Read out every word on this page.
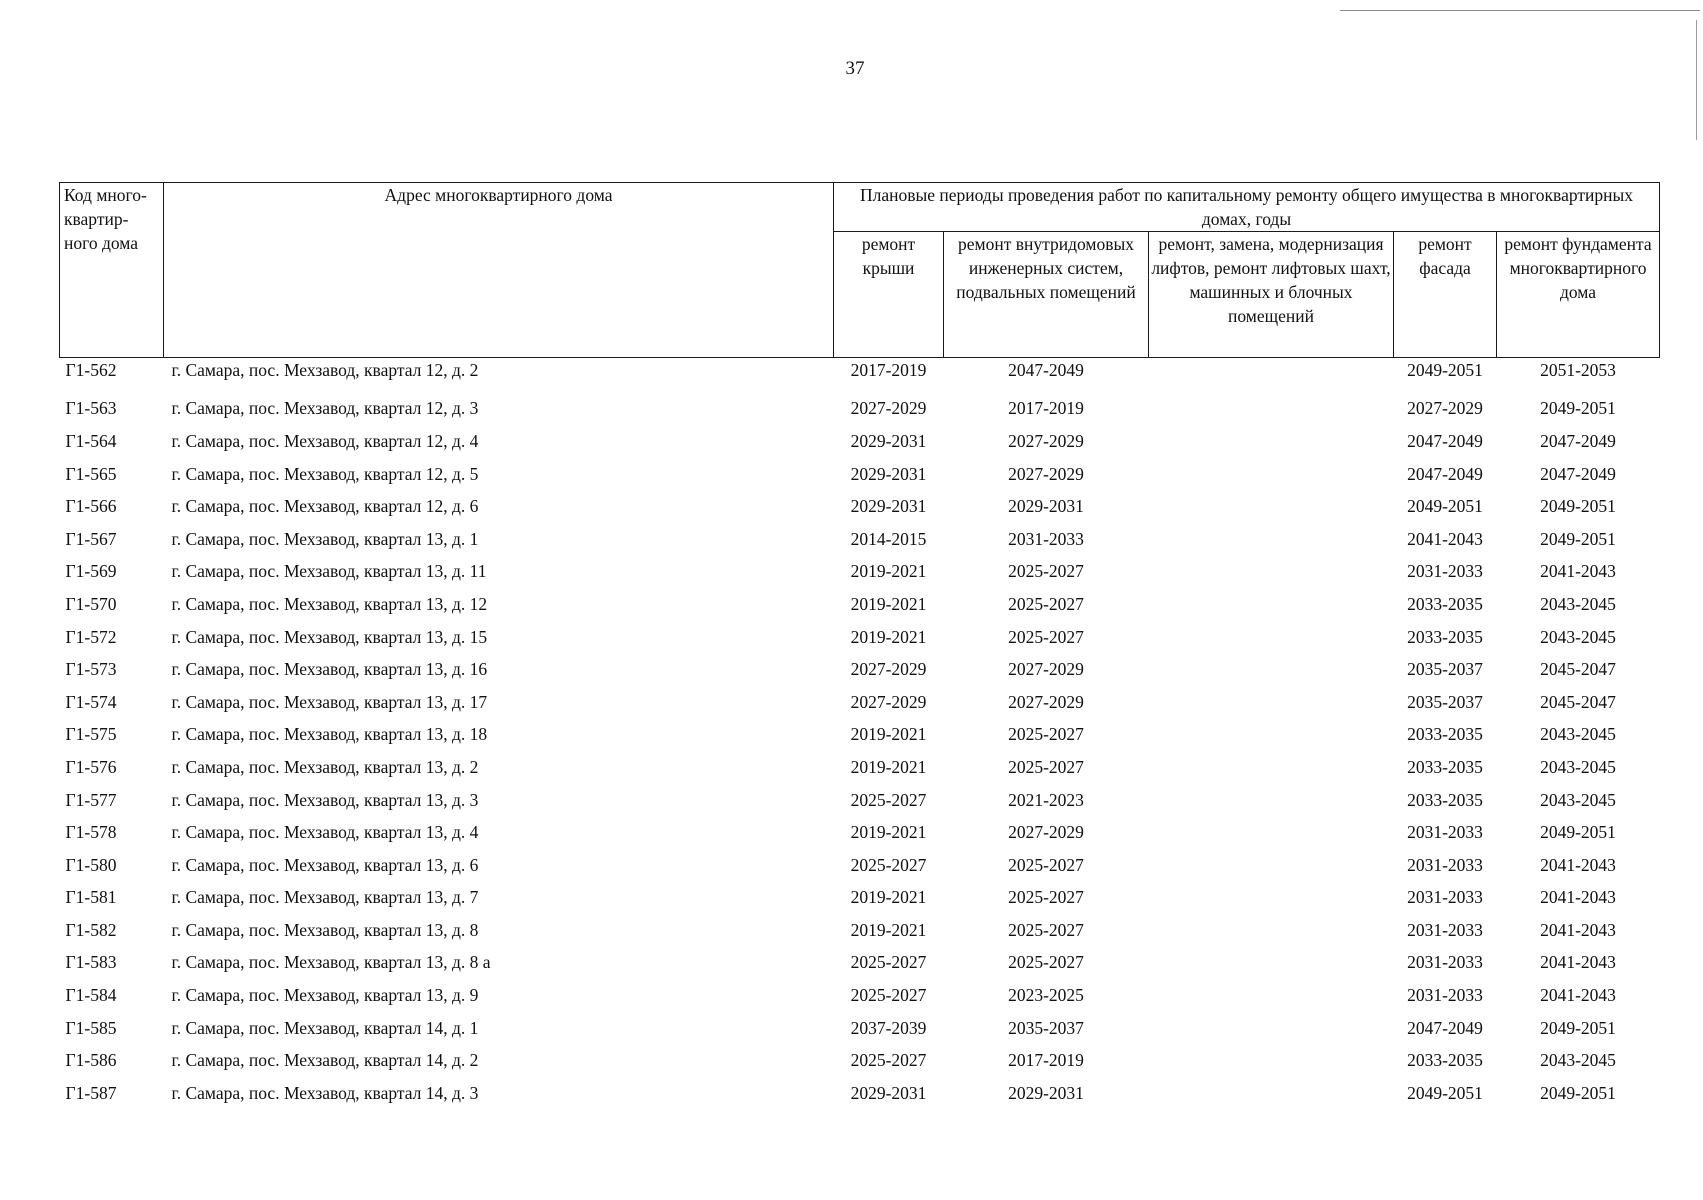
37
Код много-квартир-ного дома	Адрес многоквартирного дома	Плановые периоды проведения работ по капитальному ремонту общего имущества в многоквартирных домах, годы				
		ремонт крыши	ремонт внутридомовых инженерных систем, подвальных помещений	ремонт, замена, модернизация лифтов, ремонт лифтовых шахт, машинных и блочных помещений	ремонт фасада	ремонт фундамента многоквартирного дома
Г1-562	г. Самара, пос. Мехзавод, квартал 12, д. 2	2017-2019	2047-2049		2049-2051	2051-2053
Г1-563	г. Самара, пос. Мехзавод, квартал 12, д. 3	2027-2029	2017-2019		2027-2029	2049-2051
Г1-564	г. Самара, пос. Мехзавод, квартал 12, д. 4	2029-2031	2027-2029		2047-2049	2047-2049
Г1-565	г. Самара, пос. Мехзавод, квартал 12, д. 5	2029-2031	2027-2029		2047-2049	2047-2049
Г1-566	г. Самара, пос. Мехзавод, квартал 12, д. 6	2029-2031	2029-2031		2049-2051	2049-2051
Г1-567	г. Самара, пос. Мехзавод, квартал 13, д. 1	2014-2015	2031-2033		2041-2043	2049-2051
Г1-569	г. Самара, пос. Мехзавод, квартал 13, д. 11	2019-2021	2025-2027		2031-2033	2041-2043
Г1-570	г. Самара, пос. Мехзавод, квартал 13, д. 12	2019-2021	2025-2027		2033-2035	2043-2045
Г1-572	г. Самара, пос. Мехзавод, квартал 13, д. 15	2019-2021	2025-2027		2033-2035	2043-2045
Г1-573	г. Самара, пос. Мехзавод, квартал 13, д. 16	2027-2029	2027-2029		2035-2037	2045-2047
Г1-574	г. Самара, пос. Мехзавод, квартал 13, д. 17	2027-2029	2027-2029		2035-2037	2045-2047
Г1-575	г. Самара, пос. Мехзавод, квартал 13, д. 18	2019-2021	2025-2027		2033-2035	2043-2045
Г1-576	г. Самара, пос. Мехзавод, квартал 13, д. 2	2019-2021	2025-2027		2033-2035	2043-2045
Г1-577	г. Самара, пос. Мехзавод, квартал 13, д. 3	2025-2027	2021-2023		2033-2035	2043-2045
Г1-578	г. Самара, пос. Мехзавод, квартал 13, д. 4	2019-2021	2027-2029		2031-2033	2049-2051
Г1-580	г. Самара, пос. Мехзавод, квартал 13, д. 6	2025-2027	2025-2027		2031-2033	2041-2043
Г1-581	г. Самара, пос. Мехзавод, квартал 13, д. 7	2019-2021	2025-2027		2031-2033	2041-2043
Г1-582	г. Самара, пос. Мехзавод, квартал 13, д. 8	2019-2021	2025-2027		2031-2033	2041-2043
Г1-583	г. Самара, пос. Мехзавод, квартал 13, д. 8 а	2025-2027	2025-2027		2031-2033	2041-2043
Г1-584	г. Самара, пос. Мехзавод, квартал 13, д. 9	2025-2027	2023-2025		2031-2033	2041-2043
Г1-585	г. Самара, пос. Мехзавод, квартал 14, д. 1	2037-2039	2035-2037		2047-2049	2049-2051
Г1-586	г. Самара, пос. Мехзавод, квартал 14, д. 2	2025-2027	2017-2019		2033-2035	2043-2045
Г1-587	г. Самара, пос. Мехзавод, квартал 14, д. 3	2029-2031	2029-2031		2049-2051	2049-2051
